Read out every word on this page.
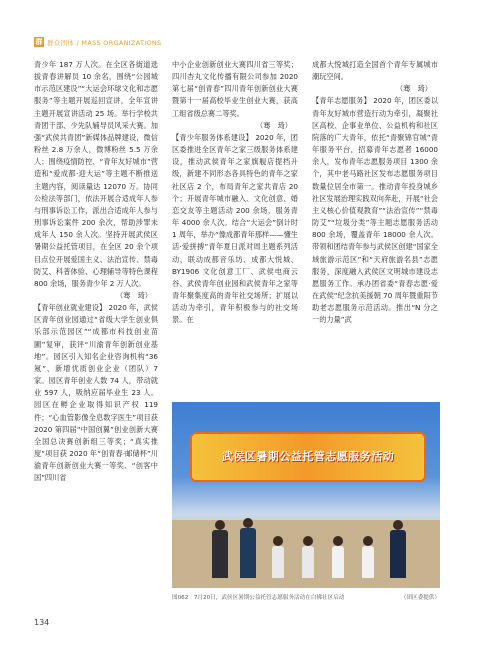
群 群众团体 / MASS ORGANIZATIONS

青少年 187 万人次。在全区各街道选拔青春讲解员 10 余名，围绕“公园城市示范区建设”“大运会环球文化和志愿服务”等主题开展巡回宣讲，全年宣讲主题开展宣讲活动 25 场。举行学校共青团干部、少先队辅导员风采大赛。加强“武侯共青团”新媒体品牌建设，微信粉丝 2.8 万余人，微博粉丝 5.5 万余人；围绕疫情防控、“青年友好城市”营造和“爱成都·迎大运”等主题不断推送主题内容，阅读量达 12070 万。协同公检法等部门，依法开展合适成年人参与刑事诉讼工作，派出合适成年人参与刑事诉讼案件 200 余次，帮助涉罪未成年人 150 余人次。坚持开展武侯区暑期公益托管项目，在全区 20 余个项目点位开展爱国主义、法治宣传、禁毒防艾、科普体验、心理辅导等特色课程 800 余场，服务青少年 2 万人次。

（骞　琦）

【青年创业就业建设】 2020 年，武侯区青年创业园通过“省级大学生创业俱乐部示范园区”“成都市科技创业苗圃”复审，获评“川渝青年创新创业基地”。园区引入知名企业咨询机构“36 氪”、新增优质创业企业（团队）7 家。园区青年创业人数 74 人，带动就业 597 人，吸纳应届毕业生 23 人。园区在孵企业取得知识产权 119 件；“心血管影像全息数字医生”项目获 2020 第四届“中国创翼”创业创新大赛全国总决赛创新组三等奖；“真实推度”项目获 2020 年“创青春·邮储杯”川渝青年创新创业大赛一等奖、“创客中国”四川省

中小企业创新创业大赛四川省三等奖；四川杏丸文化传播有限公司参加 2020 第七届“创青春”四川青年创新创业大赛暨第十一届高校毕业生创业大赛，获高工组省级总赛二等奖。

（骞　琦）

【青少年服务体系建设】 2020 年，团区委推进全区青年之家三级服务体系建设，推动武侯青年之家旗舰店提档升级，新建不同形态各具特色的青年之家社区店 2 个，布局青年之家共青店 20 个；开展青年城市融入、文化创意、婚恋交友等主题活动 200 余场，服务青年 4000 余人次。结合“大运会”倒计时 1 周年，举办“像成都青年那样——懂生活·爱拼搏”青年夏日派对周主题系列活动，联动成都音乐坊、成都大悦城、BY1906 文化创意工厂、武侯电商云谷、武侯青年创业园和武侯青年之家等青年聚集度高的青年社交场所；扩展以活动为牵引，青年积极参与的社交场景。在

成都大悦城打造全国首个青年专属城市潮玩空间。

（骞　琦）

【青年志愿服务】 2020 年，团区委以青年友好城市营造行动为牵引，凝聚社区高校、企事业单位、公益机构和社区院落的广大青年，依托“青聚锦官城”青年服务平台，招募青年志愿者 16000 余人，发布青年志愿服务项目 1300 余个，其中老马路社区发布志愿服务项目数量位居全市第一。推动青年投身城乡社区发展治理实践双向奔赴，开展“社会主义核心价值观教育”“法治宣传”“禁毒防艾”“垃圾分类”等主题志愿服务活动 800 余场，覆盖青年 18000 余人次。带领和团结青年参与武侯区创建“国家全域旅游示范区”和“天府旅游名县”志愿服务，深度融入武侯区文明城市建设志愿服务工作。承办团省委“青春志愿·爱在武侯”纪念抗美援朝 70 周年暨重阳节助老志愿服务示范活动。推出“N 分之一的力量”武

武侯区暑期公益托管志愿服务活动
图062　7月20日，武侯区暑期公益托管志愿服务活动在白佛社区启动	（团区委提供）
134
